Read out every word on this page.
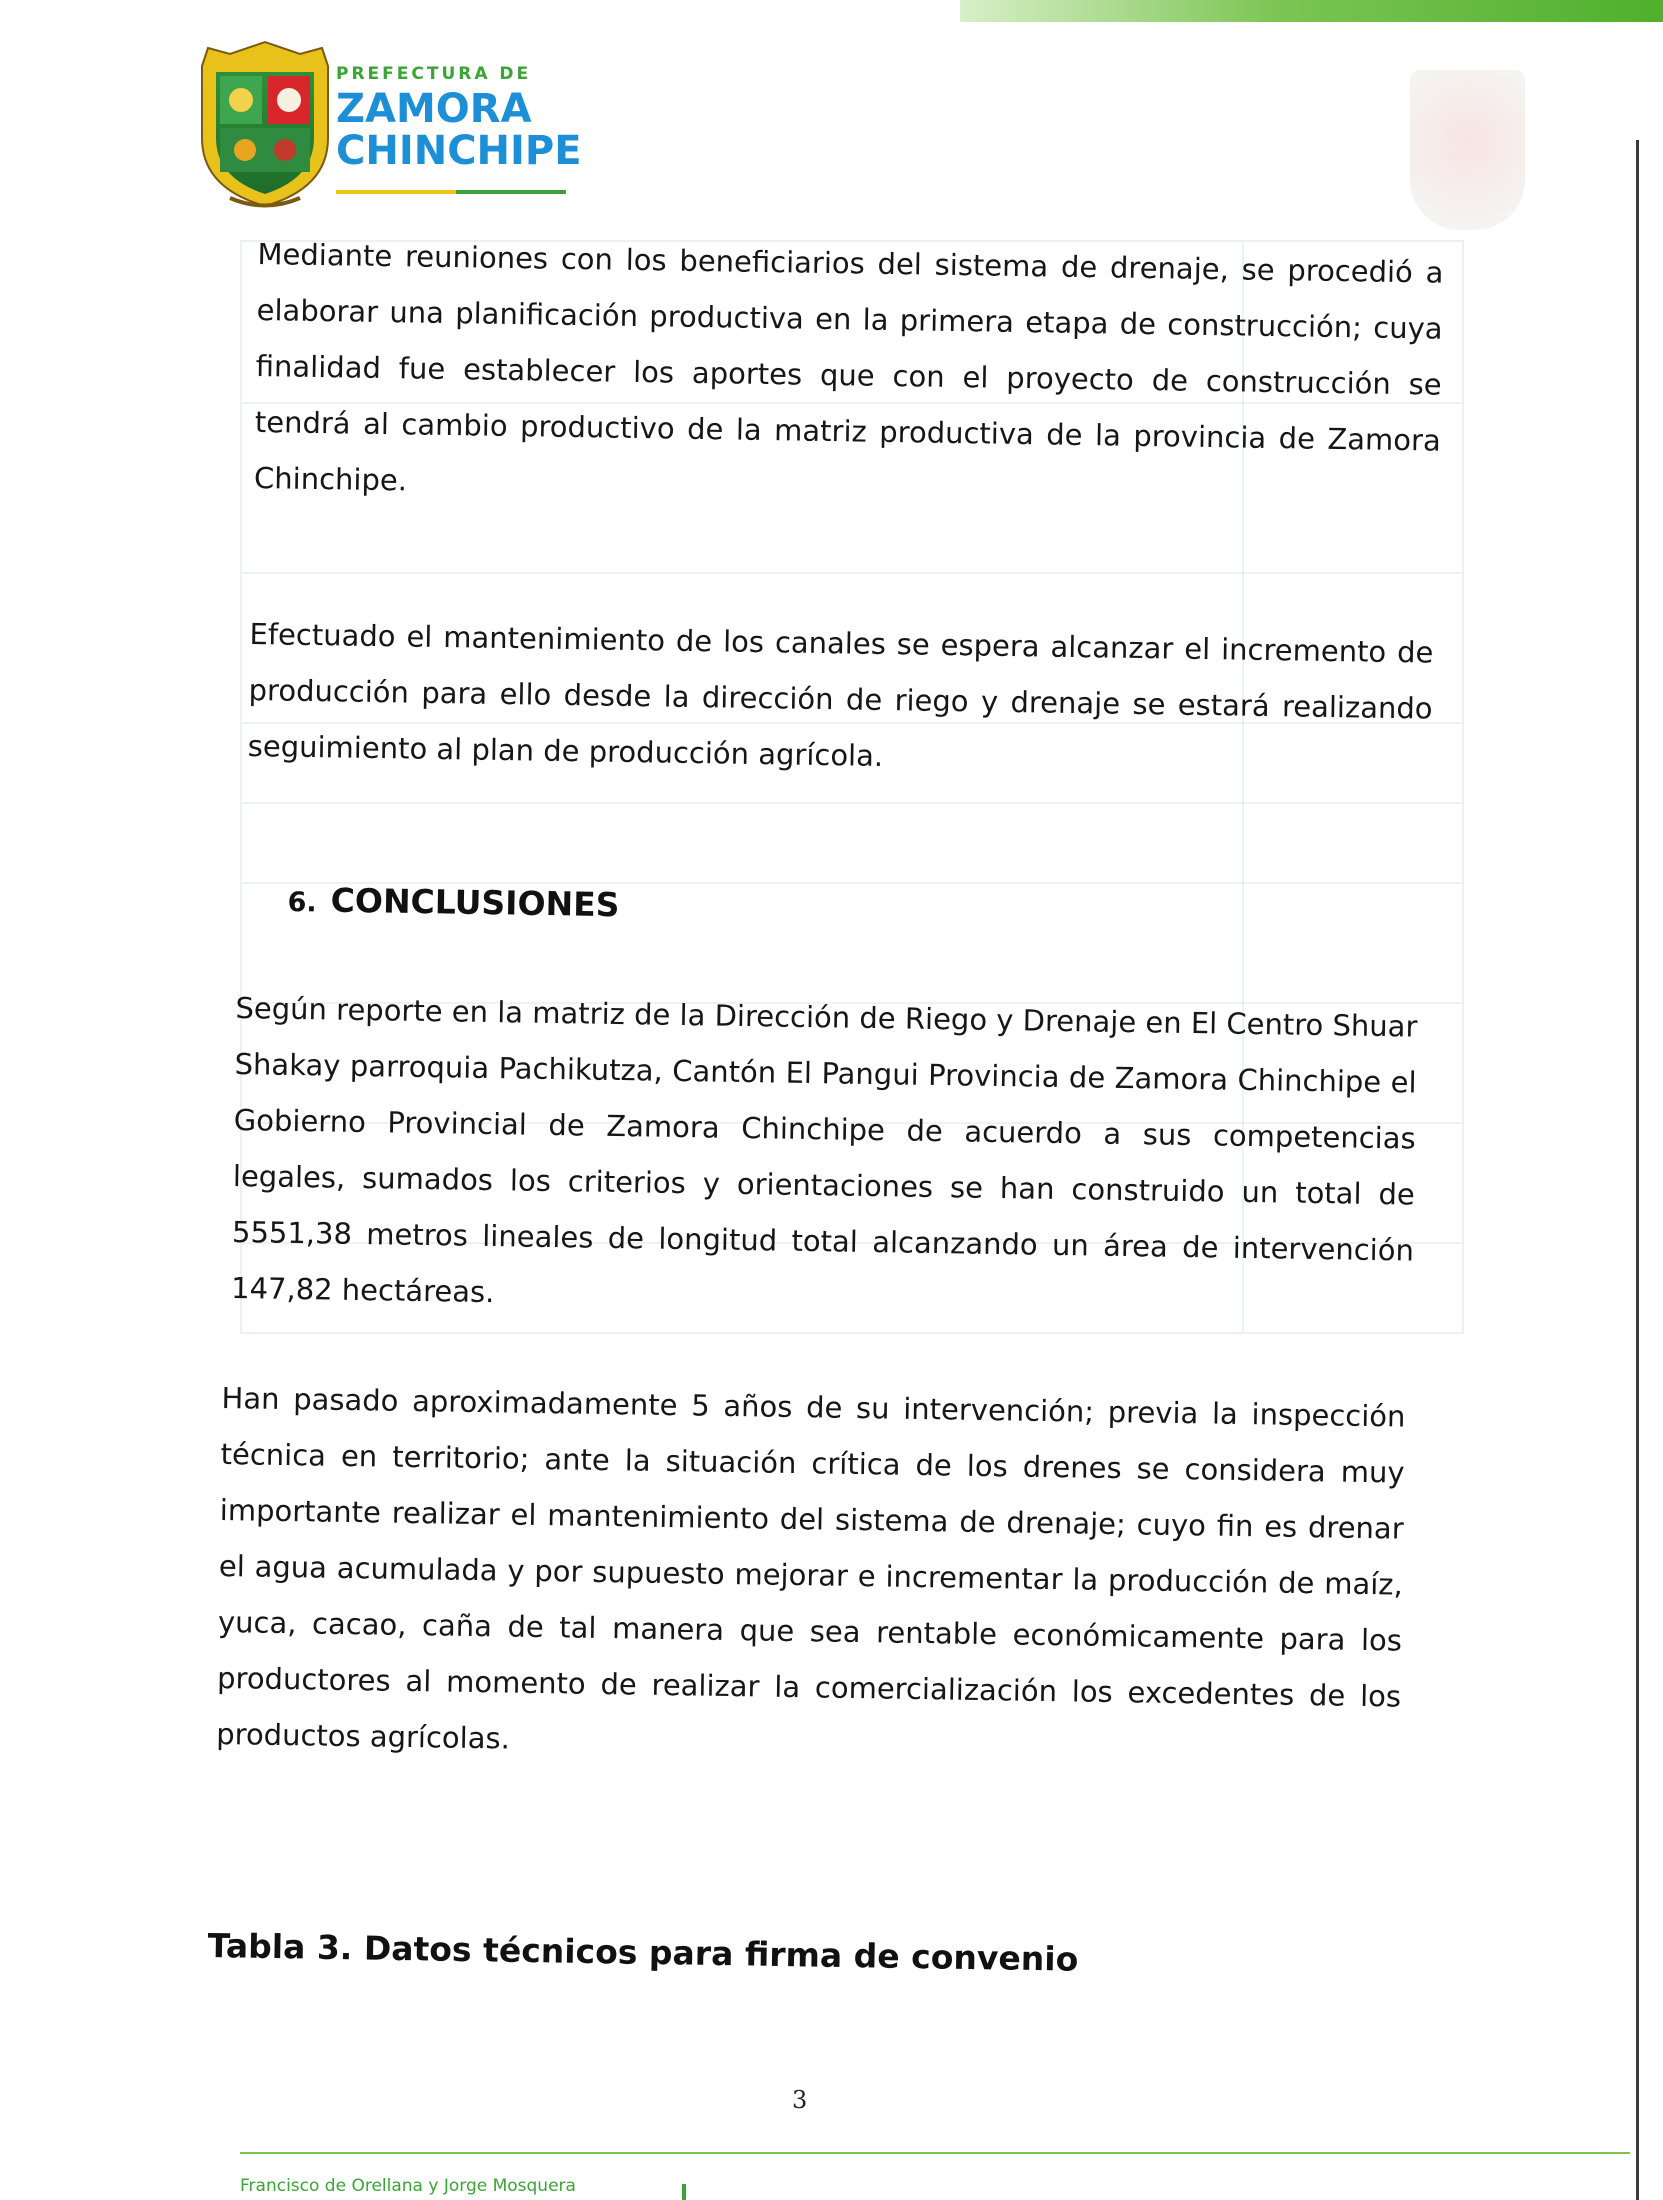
PREFECTURA DE
ZAMORA
CHINCHIPE

Mediante reuniones con los beneficiarios del sistema de drenaje, se procedió a elaborar una planificación productiva en la primera etapa de construcción; cuya finalidad fue establecer los aportes que con el proyecto de construcción se tendrá al cambio productivo de la matriz productiva de la provincia de Zamora Chinchipe.

Efectuado el mantenimiento de los canales se espera alcanzar el incremento de producción para ello desde la dirección de riego y drenaje se estará realizando seguimiento al plan de producción agrícola.

6. CONCLUSIONES

Según reporte en la matriz de la Dirección de Riego y Drenaje en El Centro Shuar Shakay parroquia Pachikutza, Cantón El Pangui Provincia de Zamora Chinchipe el Gobierno Provincial de Zamora Chinchipe de acuerdo a sus competencias legales, sumados los criterios y orientaciones se han construido un total de 5551,38 metros lineales de longitud total alcanzando un área de intervención 147,82 hectáreas.

Han pasado aproximadamente 5 años de su intervención; previa la inspección técnica en territorio; ante la situación crítica de los drenes se considera muy importante realizar el mantenimiento del sistema de drenaje; cuyo fin es drenar el agua acumulada y por supuesto mejorar e incrementar la producción de maíz, yuca, cacao, caña de tal manera que sea rentable económicamente para los productores al momento de realizar la comercialización los excedentes de los productos agrícolas.

Tabla 3. Datos técnicos para firma de convenio
3
Francisco de Orellana y Jorge Mosquera
